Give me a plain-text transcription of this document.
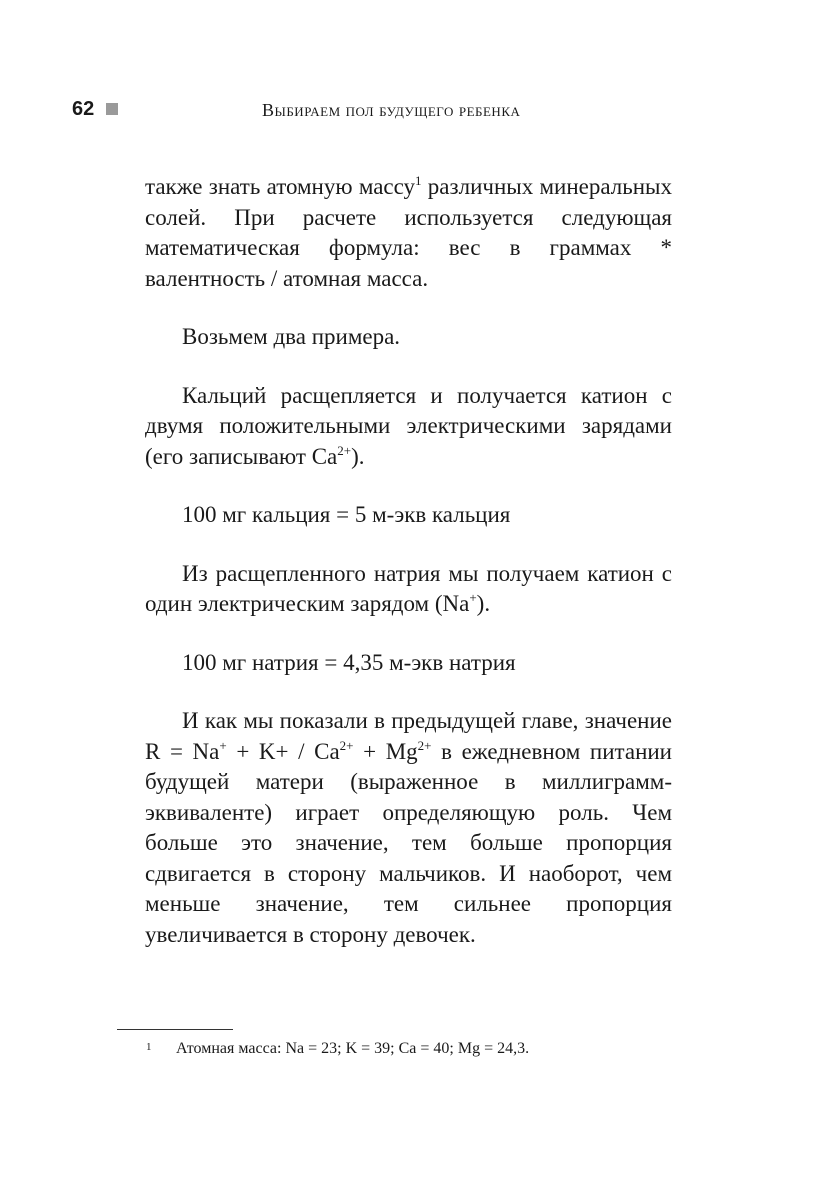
62	Выбираем пол будущего ребенка

также знать атомную массу$^1$ различных минеральных солей. При расчете используется следующая математическая формула: вес в граммах * валентность / атомная масса.

Возьмем два примера.

Кальций расщепляется и получается катион с двумя положительными электрическими зарядами (его записывают $Ca^{2+}$).

100 мг кальция = 5 м-экв кальция

Из расщепленного натрия мы получаем катион с один электрическим зарядом (Na+).

100 мг натрия = 4,35 м-экв натрия

И как мы показали в предыдущей главе, значение $R = Na^+ + K+ / Ca^{2+} + Mg^{2+}$ в ежедневном питании будущей матери (выраженное в миллиграмм-эквиваленте) играет определяющую роль. Чем больше это значение, тем больше пропорция сдвигается в сторону мальчиков. И наоборот, чем меньше значение, тем сильнее пропорция увеличивается в сторону девочек.

1 Атомная масса: Na = 23; K = 39; Ca = 40; Mg = 24,3.
